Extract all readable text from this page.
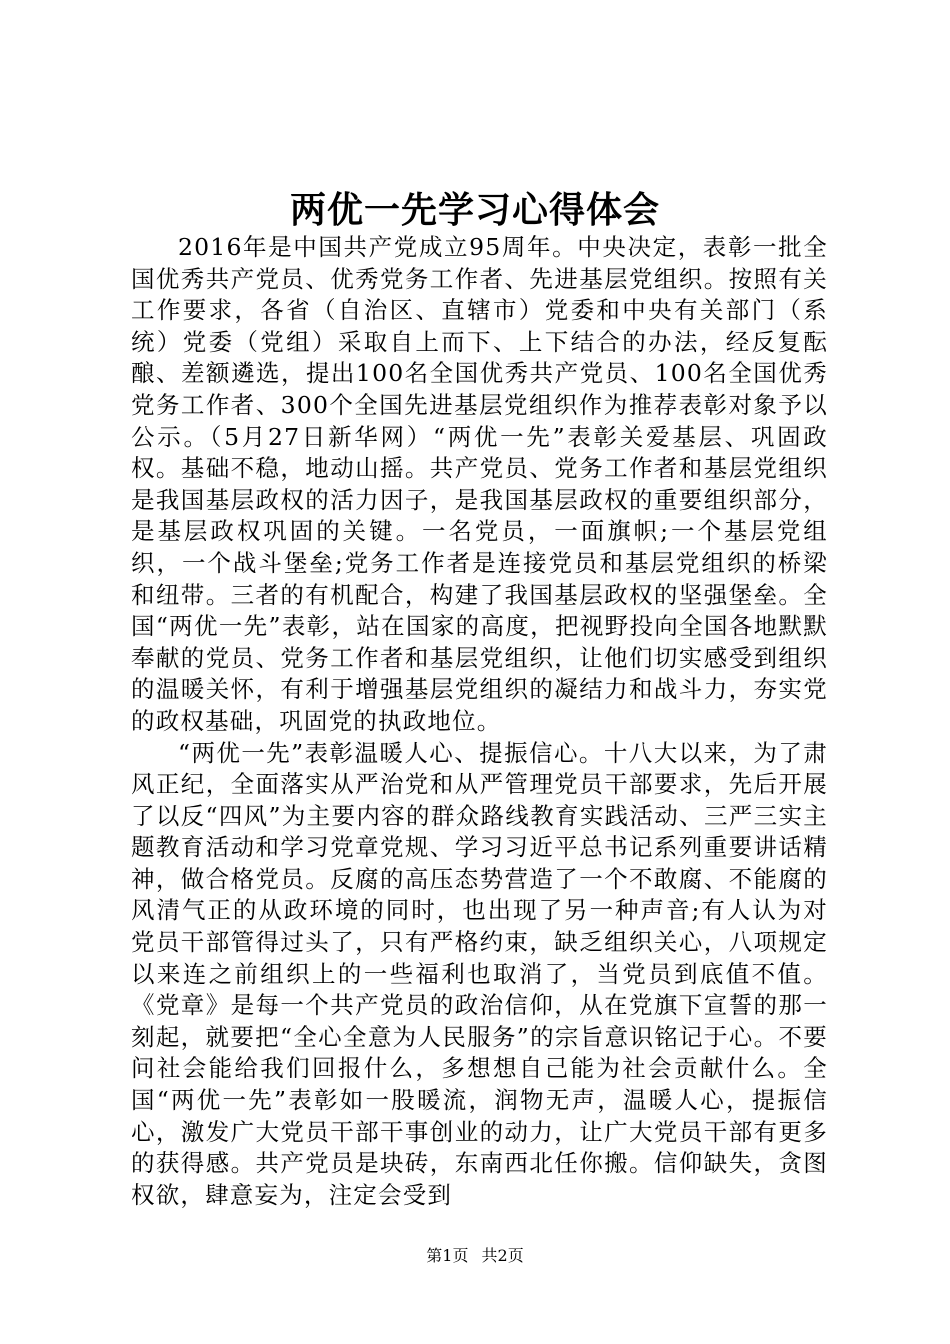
两优一先学习心得体会

2016年是中国共产党成立95周年。中央决定，表彰一批全国优秀共产党员、优秀党务工作者、先进基层党组织。按照有关工作要求，各省（自治区、直辖市）党委和中央有关部门（系统）党委（党组）采取自上而下、上下结合的办法，经反复酝酿、差额遴选，提出100名全国优秀共产党员、100名全国优秀党务工作者、300个全国先进基层党组织作为推荐表彰对象予以公示。（5月27日新华网）“两优一先”表彰关爱基层、巩固政权。基础不稳，地动山摇。共产党员、党务工作者和基层党组织是我国基层政权的活力因子，是我国基层政权的重要组织部分，是基层政权巩固的关键。一名党员，一面旗帜;一个基层党组织，一个战斗堡垒;党务工作者是连接党员和基层党组织的桥梁和纽带。三者的有机配合，构建了我国基层政权的坚强堡垒。全国“两优一先”表彰，站在国家的高度，把视野投向全国各地默默奉献的党员、党务工作者和基层党组织，让他们切实感受到组织的温暖关怀，有利于增强基层党组织的凝结力和战斗力，夯实党的政权基础，巩固党的执政地位。

“两优一先”表彰温暖人心、提振信心。十八大以来，为了肃风正纪，全面落实从严治党和从严管理党员干部要求，先后开展了以反“四风”为主要内容的群众路线教育实践活动、三严三实主题教育活动和学习党章党规、学习习近平总书记系列重要讲话精神，做合格党员。反腐的高压态势营造了一个不敢腐、不能腐的风清气正的从政环境的同时，也出现了另一种声音;有人认为对党员干部管得过头了，只有严格约束，缺乏组织关心，八项规定以来连之前组织上的一些福利也取消了，当党员到底值不值。《党章》是每一个共产党员的政治信仰，从在党旗下宣誓的那一刻起，就要把“全心全意为人民服务”的宗旨意识铭记于心。不要问社会能给我们回报什么，多想想自己能为社会贡献什么。全国“两优一先”表彰如一股暖流，润物无声，温暖人心，提振信心，激发广大党员干部干事创业的动力，让广大党员干部有更多的获得感。共产党员是块砖，东南西北任你搬。信仰缺失，贪图权欲，肆意妄为，注定会受到

第1页 共2页
